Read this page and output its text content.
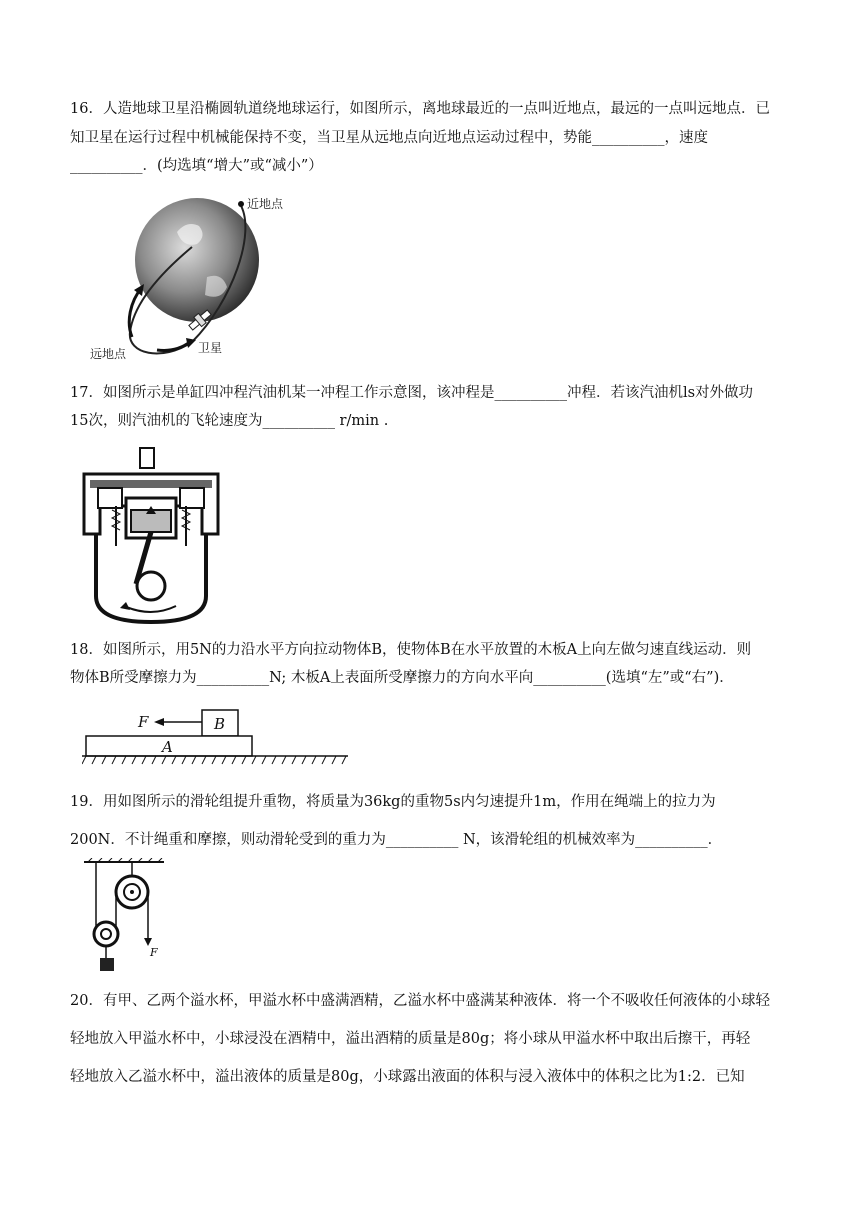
16．人造地球卫星沿椭圆轨道绕地球运行，如图所示，离地球最近的一点叫近地点，最远的一点叫远地点．已
知卫星在运行过程中机械能保持不变，当卫星从远地点向近地点运动过程中，势能__________，速度
__________．(均选填“增大”或“减小”）
近地点
远地点	卫星
17．如图所示是单缸四冲程汽油机某一冲程工作示意图，该冲程是__________冲程．若该汽油机ls对外做功
15次，则汽油机的飞轮速度为__________ r/min .
18．如图所示，用5N的力沿水平方向拉动物体B，使物体B在水平放置的木板A上向左做匀速直线运动．则
物体B所受摩擦力为__________N; 木板A上表面所受摩擦力的方向水平向__________(选填“左”或“右”)．
F	B
A
19．用如图所示的滑轮组提升重物，将质量为36kg的重物5s内匀速提升1m，作用在绳端上的拉力为
200N．不计绳重和摩擦，则动滑轮受到的重力为__________ N，该滑轮组的机械效率为__________．
F
20．有甲、乙两个溢水杯，甲溢水杯中盛满酒精，乙溢水杯中盛满某种液体．将一个不吸收任何液体的小球轻
轻地放入甲溢水杯中，小球浸没在酒精中，溢出酒精的质量是80g；将小球从甲溢水杯中取出后擦干，再轻
轻地放入乙溢水杯中，溢出液体的质量是80g，小球露出液面的体积与浸入液体中的体积之比为1:2．已知
